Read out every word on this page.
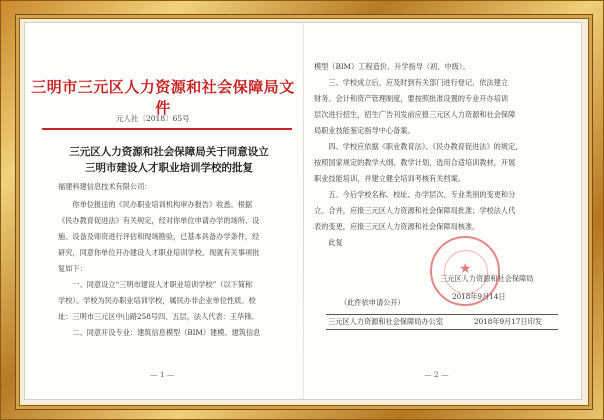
三明市三元区人力资源和社会保障局文件
元人社〔2018〕65号
三元区人力资源和社会保障局关于同意设立
三明市建设人才职业培训学校的批复
福建科建信息技术有限公司：
　　你单位报送的《民办职业培训机构审办报告》收悉。根据
《民办教育促进法》有关规定，经对你单位申请办学的场所、设
施、设备及师资进行评估和现场勘验，已基本具备办学条件，经
研究，同意你单位开办建设人才职业培训学校。现就有关事项批
复如下：
　　一、同意设立“三明市建设人才职业培训学校”（以下简称
学校）。学校为民办职业培训学校，属民办非企业单位性质。校
址：三明市三元区中山路258号四、五层，法人代表：王华锋。
　　二、同意开设专业：建筑信息模型（BIM）建模、建筑信息
— 1 —
模型（BIM）工程造价、升学指导（初、中级）。
　　三、学校成立后，应及时到有关部门进行登记，依法建立
财务、会计和资产管理制度，要按照批准设置的专业开办培训
层次进行招生，招生广告刊发前应报三元区人力资源和社会保障
局职业技能鉴定指导中心备案。
　　四、学校应依据《职业教育法》、《民办教育促进法》的规定，
按照国家规定的教学大纲、教学计划，选用合适培训教材，开展
职业技能培训，并建立健全培训考核有关档案。
　　五、今后学校名称、校址、办学层次、专业类别的变更和分
立、合并，应报三元区人力资源和社会保障局批准；学校法人代
表的变更，应报三元区人力资源和社会保障局核准。
　　此复
★
三元区人力资源和社会保障局
2018年9月14日
（此件依申请公开）
三元区人力资源和社会保障局办公室	2018年9月17日印发
— 2 —
